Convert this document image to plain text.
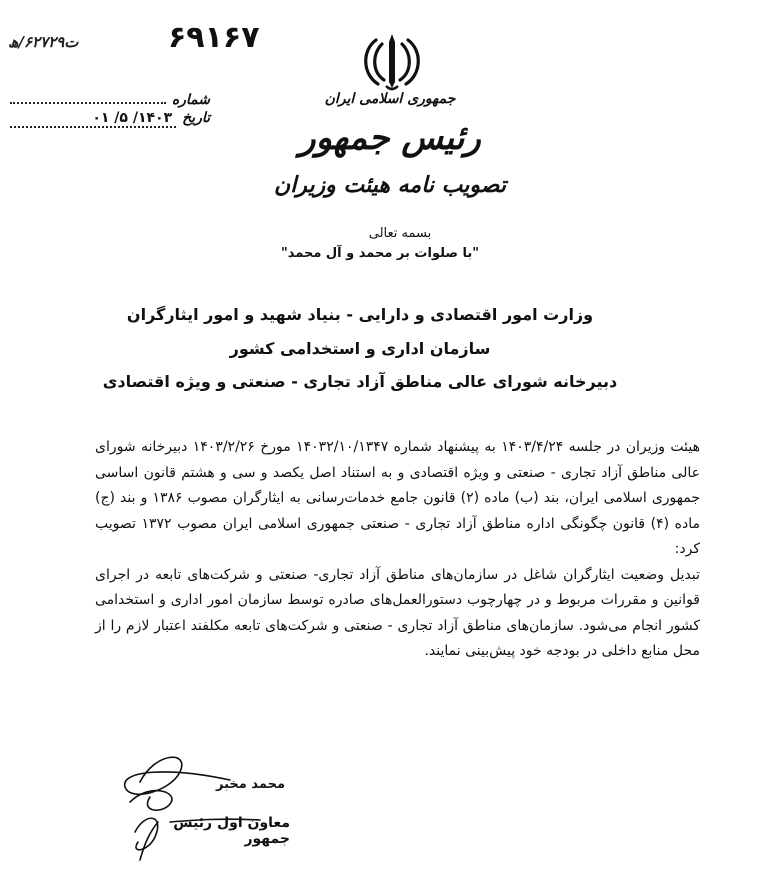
ت۶۲۷۲۹/ھ	۶۹۱۶۷
شماره
تاریخ
۱۴۰۳/ ۵/ ۰۱
جمهوری اسلامی ایران
رئیس جمهور
تصویب نامه هیئت وزیران
بسمه تعالی
"با صلوات بر محمد و آل محمد"
وزارت امور اقتصادی و دارایی - بنیاد شهید و امور ایثارگران
سازمان اداری و استخدامی کشور
دبیرخانه شورای عالی مناطق آزاد تجاری - صنعتی و ویژه اقتصادی

هیئت وزیران در جلسه ۱۴۰۳/۴/۲۴ به پیشنهاد شماره ۱۴۰۳۲/۱۰/۱۳۴۷ مورخ ۱۴۰۳/۲/۲۶ دبیرخانه شورای عالی مناطق آزاد تجاری - صنعتی و ویژه اقتصادی و به استناد اصل یکصد و سی و هشتم قانون اساسی جمهوری اسلامی ایران، بند (ب) ماده (۲) قانون جامع خدمات‌رسانی به ایثارگران مصوب ۱۳۸۶ و بند (ج) ماده (۴) قانون چگونگی اداره مناطق آزاد تجاری - صنعتی جمهوری اسلامی ایران مصوب ۱۳۷۲ تصویب کرد:

تبدیل وضعیت ایثارگران شاغل در سازمان‌های مناطق آزاد تجاری- صنعتی و شرکت‌های تابعه در اجرای قوانین و مقررات مربوط و در چهارچوب دستورالعمل‌های صادره توسط سازمان امور اداری و استخدامی کشور انجام می‌شود. سازمان‌های مناطق آزاد تجاری - صنعتی و شرکت‌های تابعه مکلفند اعتبار لازم را از محل منابع داخلی در بودجه خود پیش‌بینی نمایند.

محمد مخبر
معاون اول رئیس جمهور
